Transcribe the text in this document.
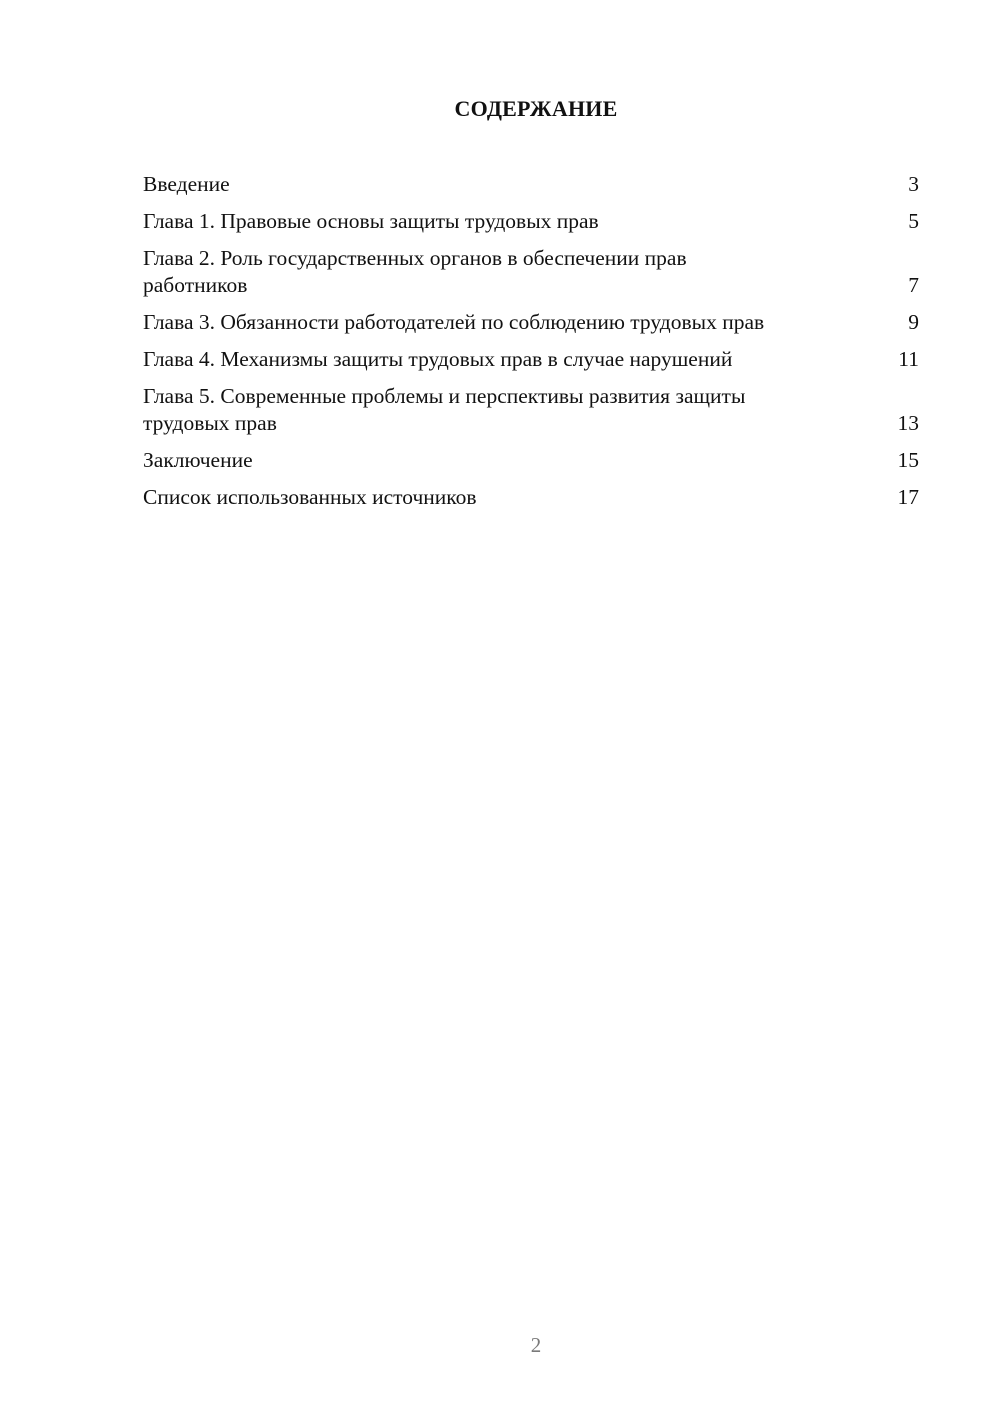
СОДЕРЖАНИЕ
Введение	3
Глава 1. Правовые основы защиты трудовых прав	5
Глава 2. Роль государственных органов в обеспечении прав работников	7
Глава 3. Обязанности работодателей по соблюдению трудовых прав	9
Глава 4. Механизмы защиты трудовых прав в случае нарушений	11
Глава 5. Современные проблемы и перспективы развития защиты трудовых прав	13
Заключение	15
Список использованных источников	17
2
